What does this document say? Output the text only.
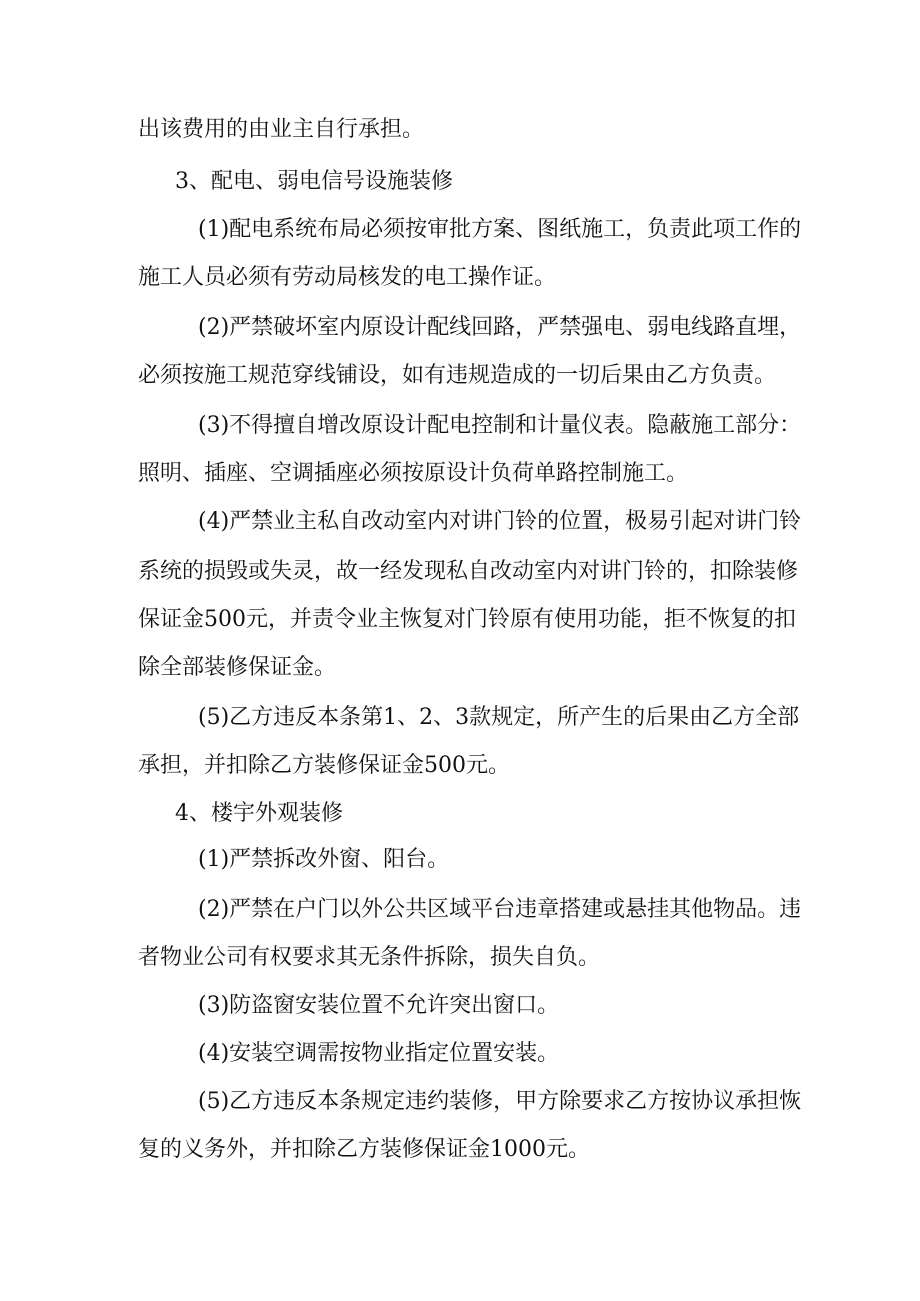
出该费用的由业主自行承担。
3、配电、弱电信号设施装修
(1)配电系统布局必须按审批方案、图纸施工，负责此项工作的
施工人员必须有劳动局核发的电工操作证。
(2)严禁破坏室内原设计配线回路，严禁强电、弱电线路直埋，
必须按施工规范穿线铺设，如有违规造成的一切后果由乙方负责。
(3)不得擅自增改原设计配电控制和计量仪表。隐蔽施工部分：
照明、插座、空调插座必须按原设计负荷单路控制施工。
(4)严禁业主私自改动室内对讲门铃的位置，极易引起对讲门铃
系统的损毁或失灵，故一经发现私自改动室内对讲门铃的，扣除装修
保证金500元，并责令业主恢复对门铃原有使用功能，拒不恢复的扣
除全部装修保证金。
(5)乙方违反本条第1、2、3款规定，所产生的后果由乙方全部
承担，并扣除乙方装修保证金500元。
4、楼宇外观装修
(1)严禁拆改外窗、阳台。
(2)严禁在户门以外公共区域平台违章搭建或悬挂其他物品。违
者物业公司有权要求其无条件拆除，损失自负。
(3)防盗窗安装位置不允许突出窗口。
(4)安装空调需按物业指定位置安装。
(5)乙方违反本条规定违约装修，甲方除要求乙方按协议承担恢
复的义务外，并扣除乙方装修保证金1000元。
